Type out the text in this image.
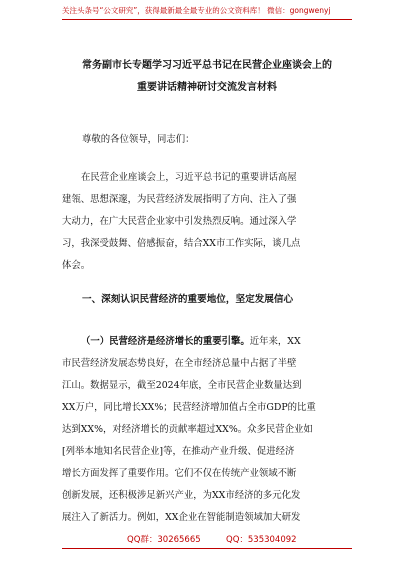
关注头条号“公文研究”，获得最新最全最专业的公文资料库！ 微信：gongwenyj
常务副市长专题学习习近平总书记在民营企业座谈会上的
重要讲话精神研讨交流发言材料
尊敬的各位领导，同志们：
在民营企业座谈会上，习近平总书记的重要讲话高屋
建瓴、思想深邃，为民营经济发展指明了方向、注入了强
大动力，在广大民营企业家中引发热烈反响。通过深入学
习，我深受鼓舞、倍感振奋，结合XX市工作实际，谈几点
体会。
一、深刻认识民营经济的重要地位，坚定发展信心
（一）民营经济是经济增长的重要引擎。近年来，XX
市民营经济发展态势良好，在全市经济总量中占据了半壁
江山。数据显示，截至2024年底，全市民营企业数量达到
XX万户，同比增长XX%；民营经济增加值占全市GDP的比重
达到XX%，对经济增长的贡献率超过XX%。众多民营企业如
[列举本地知名民营企业]等，在推动产业升级、促进经济
增长方面发挥了重要作用。它们不仅在传统产业领域不断
创新发展，还积极涉足新兴产业，为XX市经济的多元化发
展注入了新活力。例如，XX企业在智能制造领域加大研发
QQ群：30265665	QQ：535304092
